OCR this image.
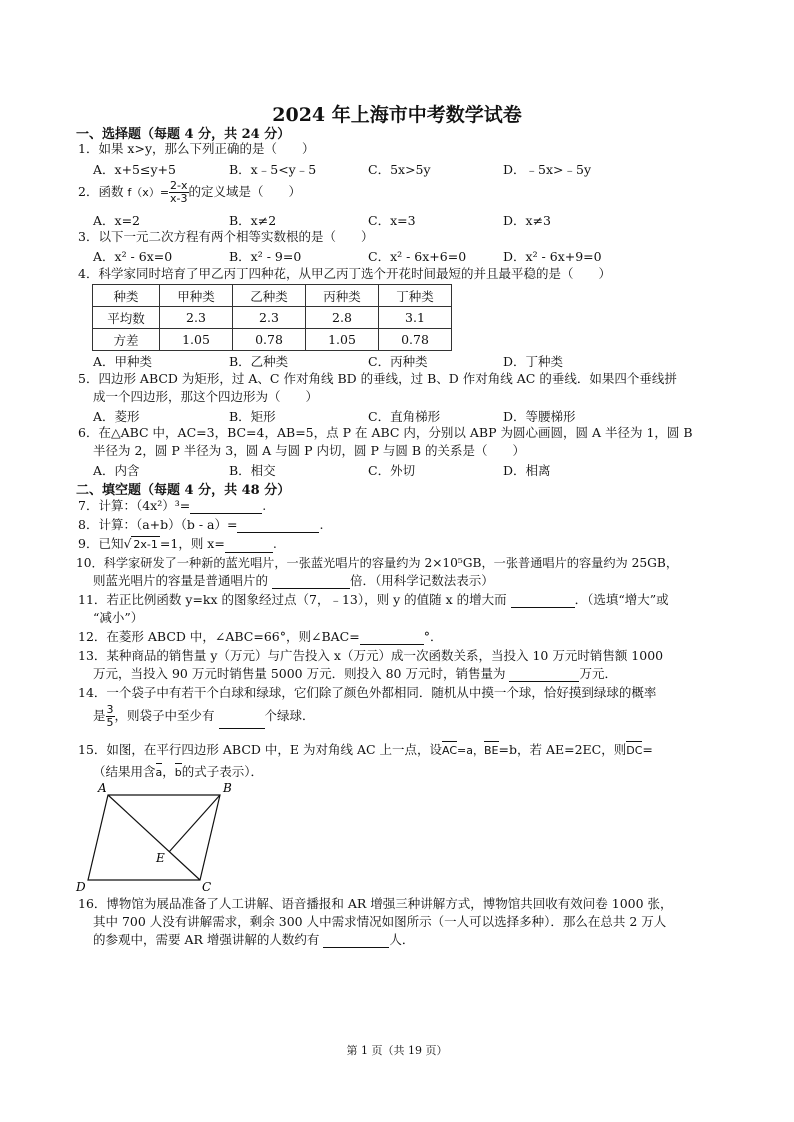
2024 年上海市中考数学试卷
一、选择题（每题 4 分，共 24 分）
1．如果 x>y，那么下列正确的是（　　）
A．x+5≤y+5	B．x﹣5<y﹣5	C．5x>5y	D．﹣5x>﹣5y
2．函数 $f(x)= \frac{2-x}{x-3}$ 的定义域是（　　）
A．x=2	B．x≠2	C．x=3	D．x≠3
3．以下一元二次方程有两个相等实数根的是（　　）
A．x² - 6x=0	B．x² - 9=0	C．x² - 6x+6=0	D．x² - 6x+9=0
4．科学家同时培育了甲乙丙丁四种花，从甲乙丙丁选个开花时间最短的并且最平稳的是（　　）
种类	甲种类	乙种类	丙种类	丁种类
平均数	2.3	2.3	2.8	3.1
方差	1.05	0.78	1.05	0.78
A．甲种类	B．乙种类	C．丙种类	D．丁种类
5．四边形 ABCD 为矩形，过 A、C 作对角线 BD 的垂线，过 B、D 作对角线 AC 的垂线．如果四个垂线拼
成一个四边形，那这个四边形为（　　）
A．菱形	B．矩形	C．直角梯形	D．等腰梯形
6．在△ABC 中，AC=3，BC=4，AB=5，点 P 在 ABC 内，分别以 ABP 为圆心画圆，圆 A 半径为 1，圆 B
半径为 2，圆 P 半径为 3，圆 A 与圆 P 内切，圆 P 与圆 B 的关系是（　　）
A．内含	B．相交	C．外切	D．相离
二、填空题（每题 4 分，共 48 分）
7．计算：（4x²）³=	.
8．计算：（a+b）（b - a）=	.
9．已知√ 2x-1 =1，则 x=	.
10．科学家研发了一种新的蓝光唱片，一张蓝光唱片的容量约为 2×10⁵GB，一张普通唱片的容量约为 25GB，
则蓝光唱片的容量是普通唱片的	倍．（用科学记数法表示）
11．若正比例函数 y=kx 的图象经过点（7，﹣13），则 y 的值随 x 的增大而	．（选填“增大”或
“减小”）
12．在菱形 ABCD 中，∠ABC=66°，则∠BAC=	°．
13．某种商品的销售量 y（万元）与广告投入 x（万元）成一次函数关系，当投入 10 万元时销售额 1000
万元，当投入 90 万元时销售量 5000 万元．则投入 80 万元时，销售量为	万元．
14．一个袋子中有若干个白球和绿球，它们除了颜色外都相同．随机从中摸一个球，恰好摸到绿球的概率
是 $\frac{3}{5}$ ，则袋子中至少有	个绿球．
15．如图，在平行四边形 ABCD 中，E 为对角线 AC 上一点，设AC=a，BE=b，若 AE=2EC，则DC=
（结果用含a，b的式子表示）．
A	B
C
D
E
16．博物馆为展品准备了人工讲解、语音播报和 AR 增强三种讲解方式，博物馆共回收有效问卷 1000 张，
其中 700 人没有讲解需求，剩余 300 人中需求情况如图所示（一人可以选择多种）．那么在总共 2 万人
的参观中，需要 AR 增强讲解的人数约有	人．
第 1 页（共 19 页）
